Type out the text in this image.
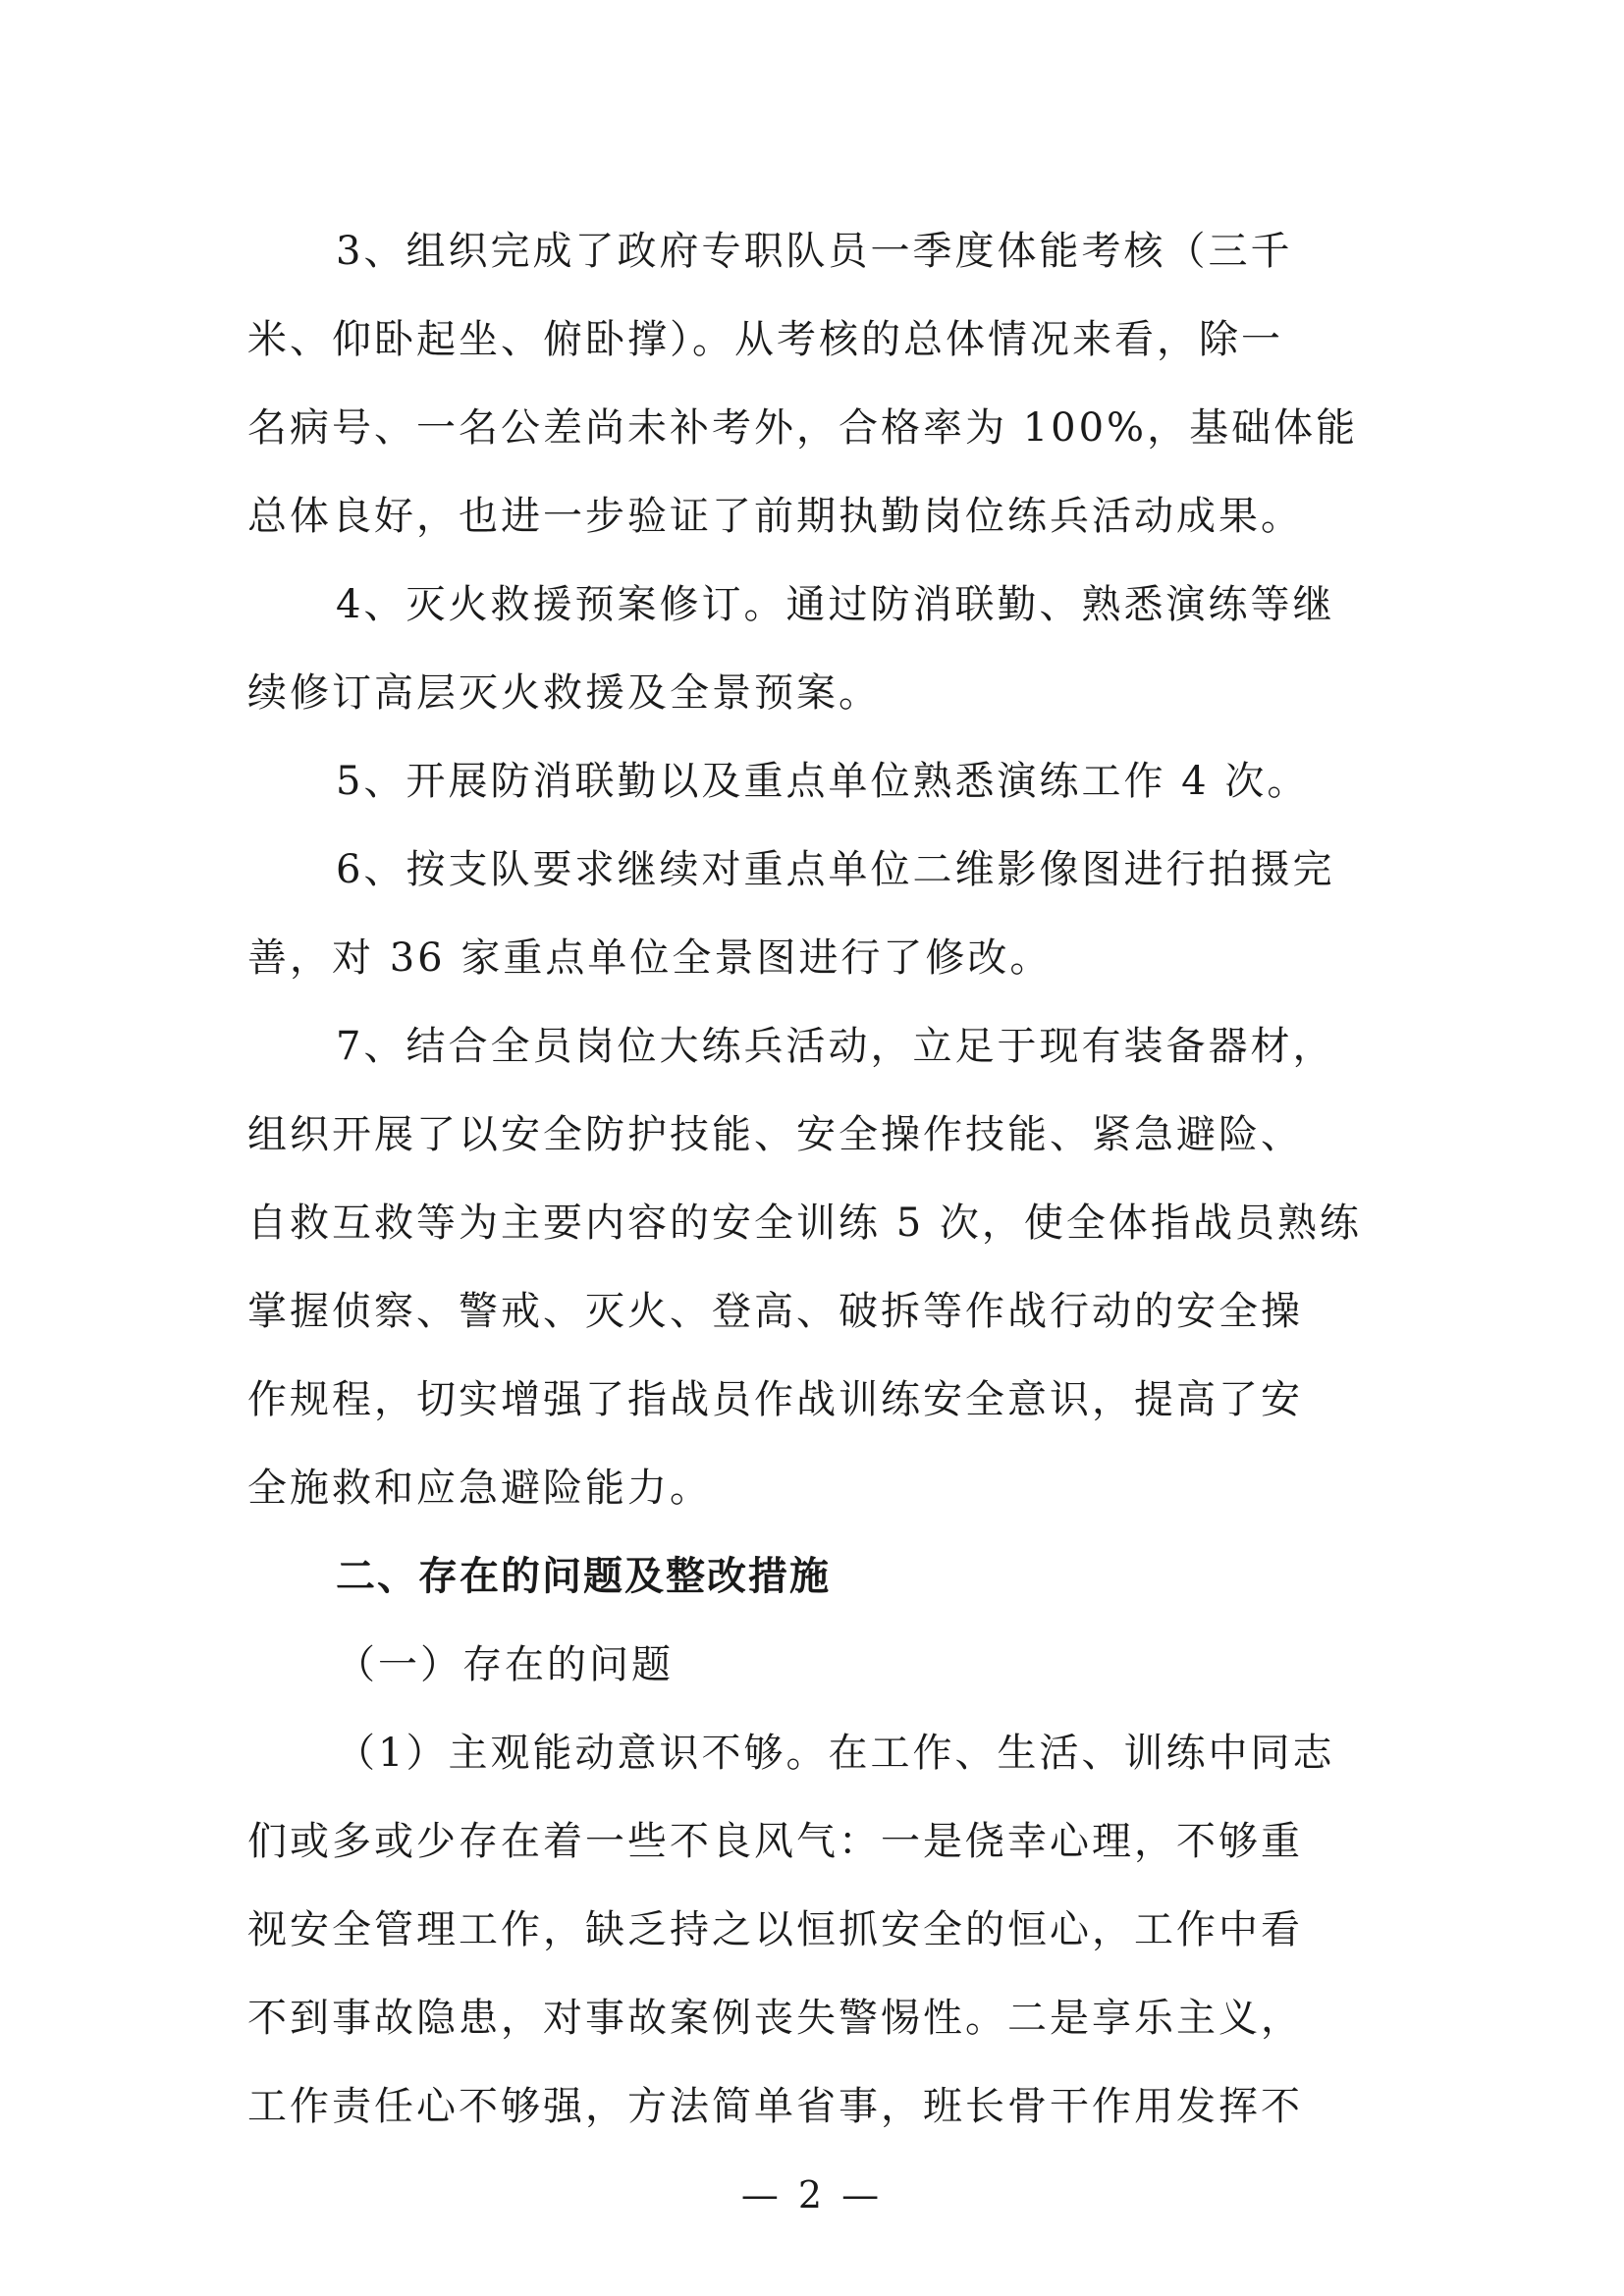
3、组织完成了政府专职队员一季度体能考核（三千

米、仰卧起坐、俯卧撑）。从考核的总体情况来看，除一

名病号、一名公差尚未补考外，合格率为 100%，基础体能

总体良好，也进一步验证了前期执勤岗位练兵活动成果。

4、灭火救援预案修订。通过防消联勤、熟悉演练等继

续修订高层灭火救援及全景预案。

5、开展防消联勤以及重点单位熟悉演练工作 4 次。

6、按支队要求继续对重点单位二维影像图进行拍摄完

善，对 36 家重点单位全景图进行了修改。

7、结合全员岗位大练兵活动，立足于现有装备器材，

组织开展了以安全防护技能、安全操作技能、紧急避险、

自救互救等为主要内容的安全训练 5 次，使全体指战员熟练

掌握侦察、警戒、灭火、登高、破拆等作战行动的安全操

作规程，切实增强了指战员作战训练安全意识，提高了安

全施救和应急避险能力。

二、存在的问题及整改措施

（一）存在的问题

（1）主观能动意识不够。在工作、生活、训练中同志

们或多或少存在着一些不良风气：一是侥幸心理，不够重

视安全管理工作，缺乏持之以恒抓安全的恒心，工作中看

不到事故隐患，对事故案例丧失警惕性。二是享乐主义，

工作责任心不够强，方法简单省事，班长骨干作用发挥不

— 2 —
